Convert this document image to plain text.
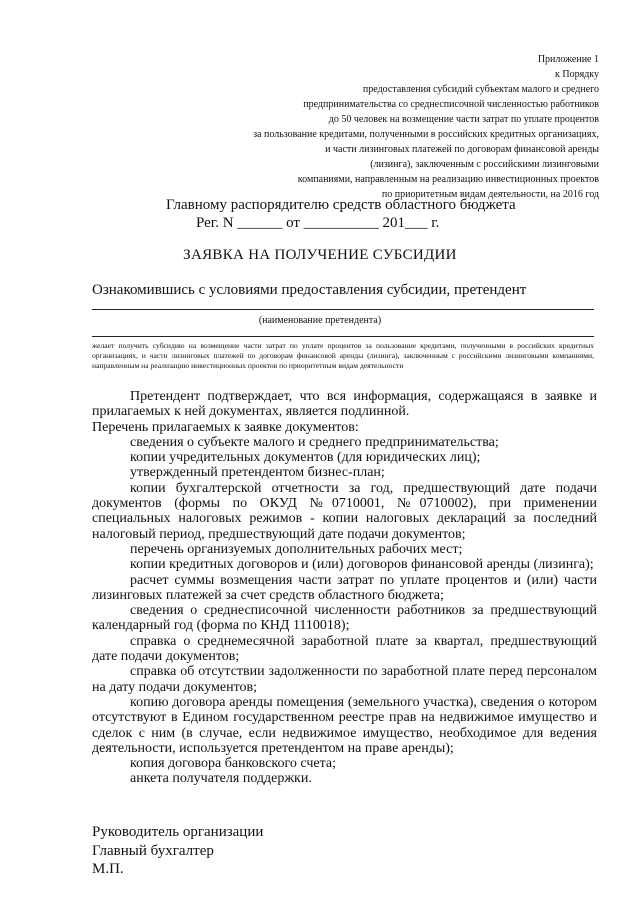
Приложение 1
к Порядку
предоставления субсидий субъектам малого и среднего
предпринимательства со среднесписочной численностью работников
до 50 человек на возмещение части затрат по уплате процентов
за пользование кредитами, полученными в российских кредитных организациях,
и части лизинговых платежей по договорам финансовой аренды
(лизинга), заключенным с российскими лизинговыми
компаниями, направленным на реализацию инвестиционных проектов
по приоритетным видам деятельности, на 2016 год
Главному распорядителю средств областного бюджета
Рег. N ______ от __________ 201___ г.
ЗАЯВКА НА ПОЛУЧЕНИЕ СУБСИДИИ
Ознакомившись с условиями предоставления субсидии, претендент
(наименование претендента)
желает получить субсидию на возмещение части затрат по уплате процентов за пользование кредитами, полученными в российских кредитных организациях, и части лизинговых платежей по договорам финансовой аренды (лизинга), заключенным с российскими лизинговыми компаниями, направленным на реализацию инвестиционных проектов по приоритетным видам деятельности

Претендент подтверждает, что вся информация, содержащаяся в заявке и прилагаемых к ней документах, является подлинной.

Перечень прилагаемых к заявке документов:

сведения о субъекте малого и среднего предпринимательства;

копии учредительных документов (для юридических лиц);

утвержденный претендентом бизнес-план;

копии бухгалтерской отчетности за год, предшествующий дате подачи документов (формы по ОКУД №0710001, №0710002), при применении специальных налоговых режимов - копии налоговых деклараций за последний налоговый период, предшествующий дате подачи документов;

перечень организуемых дополнительных рабочих мест;

копии кредитных договоров и (или) договоров финансовой аренды (лизинга);

расчет суммы возмещения части затрат по уплате процентов и (или) части лизинговых платежей за счет средств областного бюджета;

сведения о среднесписочной численности работников за предшествующий календарный год (форма по КНД 1110018);

справка о среднемесячной заработной плате за квартал, предшествующий дате подачи документов;

справка об отсутствии задолженности по заработной плате перед персоналом на дату подачи документов;

копию договора аренды помещения (земельного участка), сведения о котором отсутствуют в Едином государственном реестре прав на недвижимое имущество и сделок с ним (в случае, если недвижимое имущество, необходимое для ведения деятельности, используется претендентом на праве аренды);

копия договора банковского счета;

анкета получателя поддержки.

Руководитель организации
Главный бухгалтер
М.П.
